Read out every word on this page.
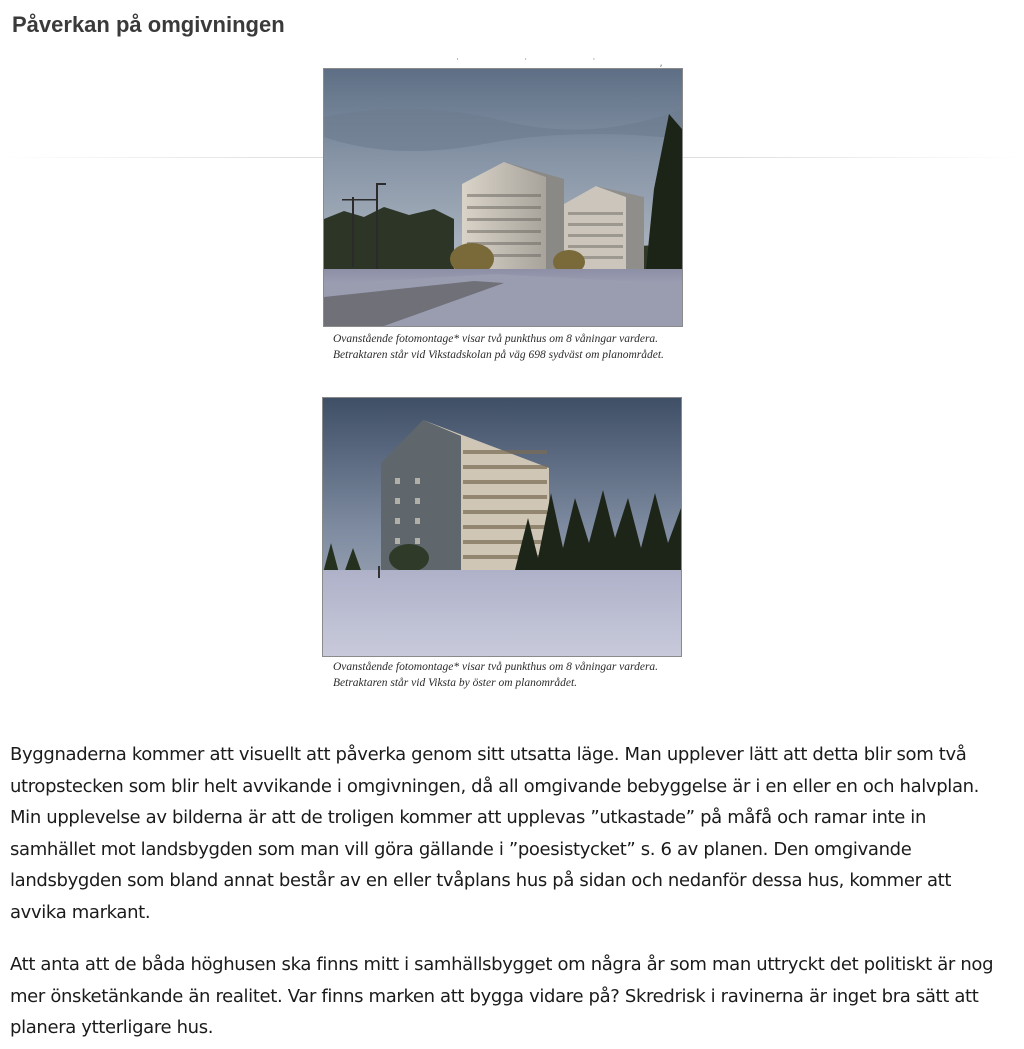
Påverkan på omgivningen
˙ ˙ ˙ ,

Ovanstående fotomontage* visar två punkthus om 8 våningar vardera. Betraktaren står vid Vikstadskolan på väg 698 sydväst om planområdet.

Ovanstående fotomontage* visar två punkthus om 8 våningar vardera. Betraktaren står vid Viksta by öster om planområdet.

Byggnaderna kommer att visuellt att påverka genom sitt utsatta läge. Man upplever lätt att detta blir som två utropstecken som blir helt avvikande i omgivningen, då all omgivande bebyggelse är i en eller en och halvplan. Min upplevelse av bilderna är att de troligen kommer att upplevas ”utkastade” på måfå och ramar inte in samhället mot landsbygden som man vill göra gällande i ”poesistycket” s. 6 av planen. Den omgivande landsbygden som bland annat består av en eller tvåplans hus på sidan och nedanför dessa hus, kommer att avvika markant.

Att anta att de båda höghusen ska finns mitt i samhällsbygget om några år som man uttryckt det politiskt är nog mer önsketänkande än realitet. Var finns marken att bygga vidare på? Skredrisk i ravinerna är inget bra sätt att planera ytterligare hus.
